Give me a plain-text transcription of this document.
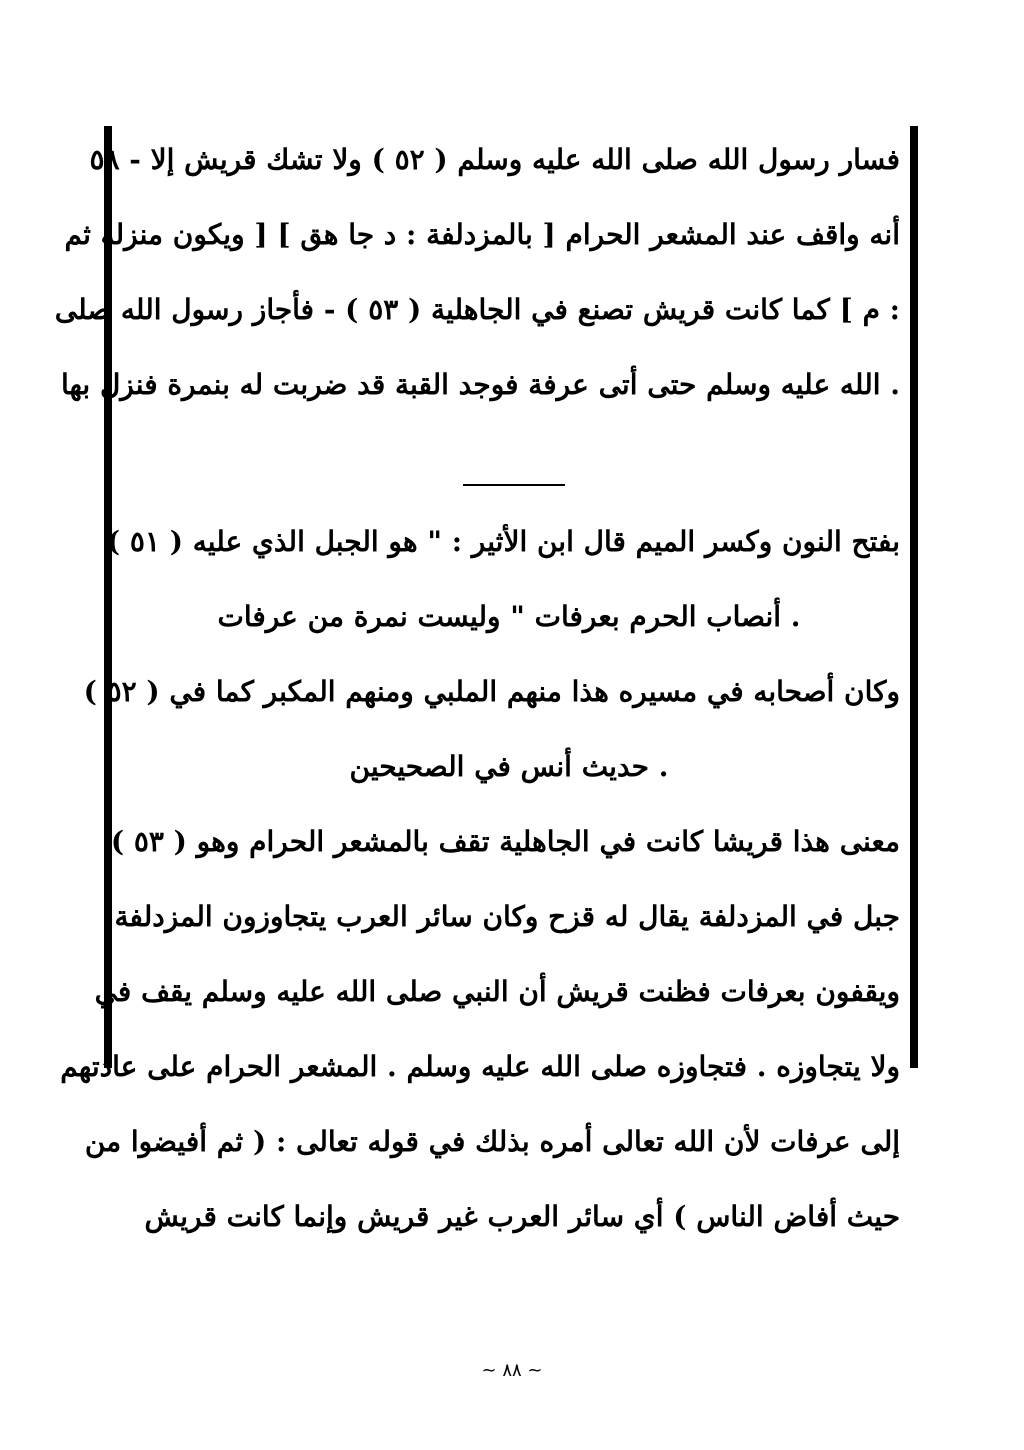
فسار رسول الله صلى الله عليه وسلم ( ٥٢ ) ولا تشك قريش إلا - ٥٨
أنه واقف عند المشعر الحرام [ بالمزدلفة : د جا هق ] [ ويكون منزله ثم
: م ] كما كانت قريش تصنع في الجاهلية ( ٥٣ ) - فأجاز رسول الله صلى
. الله عليه وسلم حتى أتى عرفة فوجد القبة قد ضربت له بنمرة فنزل بها
بفتح النون وكسر الميم قال ابن الأثير : " هو الجبل الذي عليه ( ٥١ )
. أنصاب الحرم بعرفات " وليست نمرة من عرفات
وكان أصحابه في مسيره هذا منهم الملبي ومنهم المكبر كما في ( ٥٢ )
. حديث أنس في الصحيحين
معنى هذا قريشا كانت في الجاهلية تقف بالمشعر الحرام وهو ( ٥٣ )
جبل في المزدلفة يقال له قزح وكان سائر العرب يتجاوزون المزدلفة
ويقفون بعرفات فظنت قريش أن النبي صلى الله عليه وسلم يقف في
ولا يتجاوزه . فتجاوزه صلى الله عليه وسلم . المشعر الحرام على عادتهم
إلى عرفات لأن الله تعالى أمره بذلك في قوله تعالى : ( ثم أفيضوا من
حيث أفاض الناس ) أي سائر العرب غير قريش وإنما كانت قريش
~ ٨٨ ~
